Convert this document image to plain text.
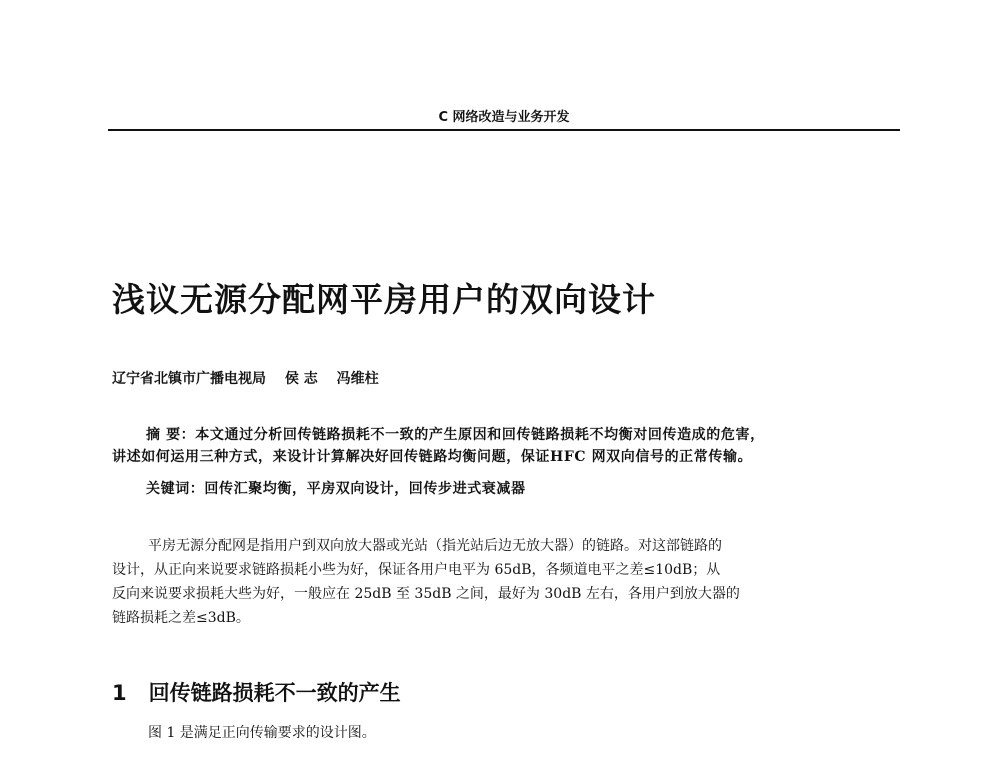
C 网络改造与业务开发
浅议无源分配网平房用户的双向设计
辽宁省北镇市广播电视局 侯 志 冯维柱
摘 要：本文通过分析回传链路损耗不一致的产生原因和回传链路损耗不均衡对回传造成的危害，
讲述如何运用三种方式，来设计计算解决好回传链路均衡问题，保证HFC 网双向信号的正常传输。
关键词：回传汇聚均衡，平房双向设计，回传步进式衰减器
平房无源分配网是指用户到双向放大器或光站（指光站后边无放大器）的链路。对这部链路的
设计，从正向来说要求链路损耗小些为好，保证各用户电平为 65dB，各频道电平之差≤10dB；从
反向来说要求损耗大些为好，一般应在 25dB 至 35dB 之间，最好为 30dB 左右，各用户到放大器的
链路损耗之差≤3dB。
1 回传链路损耗不一致的产生
图 1 是满足正向传输要求的设计图。
